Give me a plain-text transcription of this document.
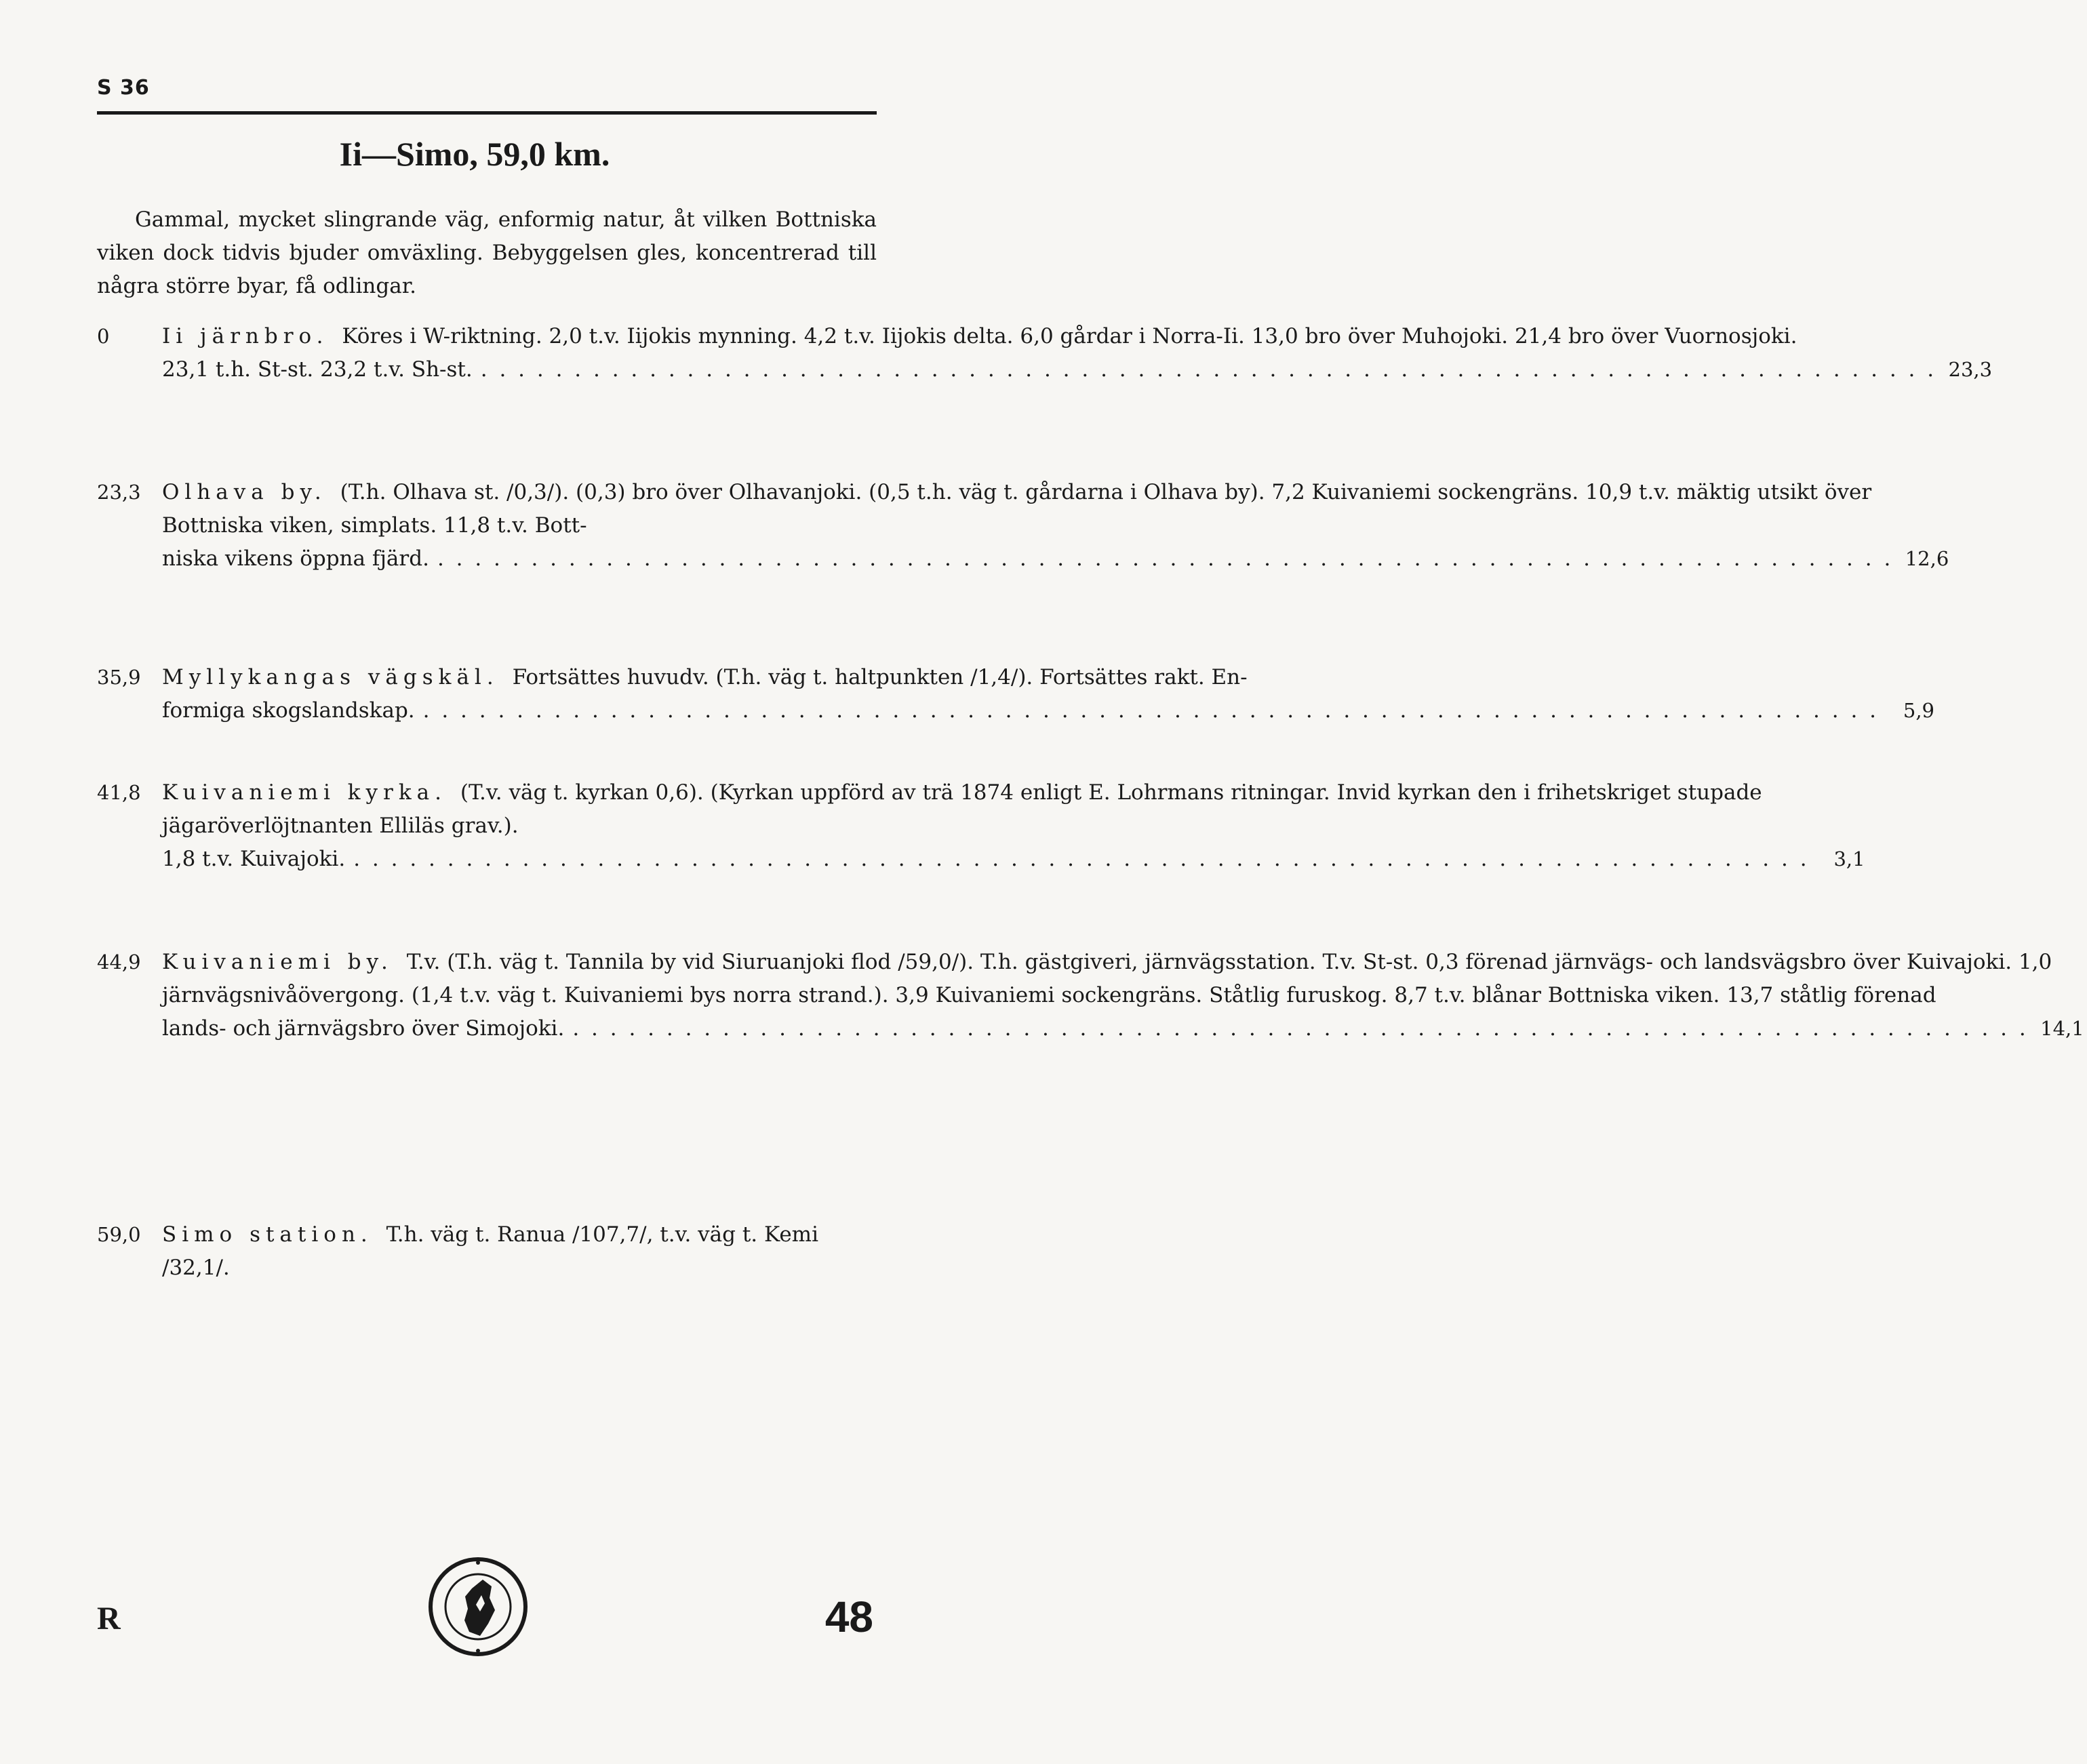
S 36
Ii—Simo, 59,0 km.
Gammal, mycket slingrande väg, enformig natur, åt vilken Bottniska viken dock tidvis bjuder omväxling. Bebyggelsen gles, koncentrerad till några större byar, få odlingar.
0	Ii järnbro. Köres i W-riktning. 2,0 t.v. Iijokis mynning. 4,2 t.v. Iijokis delta. 6,0 gårdar i Norra-Ii. 13,0 bro över Muhojoki. 21,4 bro över Vuornosjoki.
23,1 t.h. St-st. 23,2 t.v. Sh-st. . . .	23,3
23,3	Olhava by. (T.h. Olhava st. /0,3/). (0,3) bro över Olhavanjoki. (0,5 t.h. väg t. gårdarna i Olhava by). 7,2 Kuivaniemi sockengräns. 10,9 t.v. mäktig utsikt över Bottniska viken, simplats. 11,8 t.v. Bott-
niska vikens öppna fjärd. . . .	12,6
35,9	Myllykangas vägskäl. Fortsättes huvudv. (T.h. väg t. haltpunkten /1,4/). Fortsättes rakt. En-
formiga skogslandskap. . . .	5,9
41,8	Kuivaniemi kyrka. (T.v. väg t. kyrkan 0,6). (Kyrkan uppförd av trä 1874 enligt E. Lohrmans ritningar. Invid kyrkan den i frihetskriget stupade jägaröverlöjtnanten Elliläs grav.).
1,8 t.v. Kuivajoki. . . .	3,1
44,9	Kuivaniemi by. T.v. (T.h. väg t. Tannila by vid Siuruanjoki flod /59,0/). T.h. gästgiveri, järnvägsstation. T.v. St-st. 0,3 förenad järnvägs- och landsvägsbro över Kuivajoki. 1,0 järnvägsnivåövergong. (1,4 t.v. väg t. Kuivaniemi bys norra strand.). 3,9 Kuivaniemi sockengräns. Ståtlig furuskog. 8,7 t.v. blånar Bottniska viken. 13,7 ståtlig förenad
lands- och järnvägsbro över Simojoki. . . .	14,1
59,0	Simo station. T.h. väg t. Ranua /107,7/, t.v. väg t. Kemi /32,1/.
R	48
